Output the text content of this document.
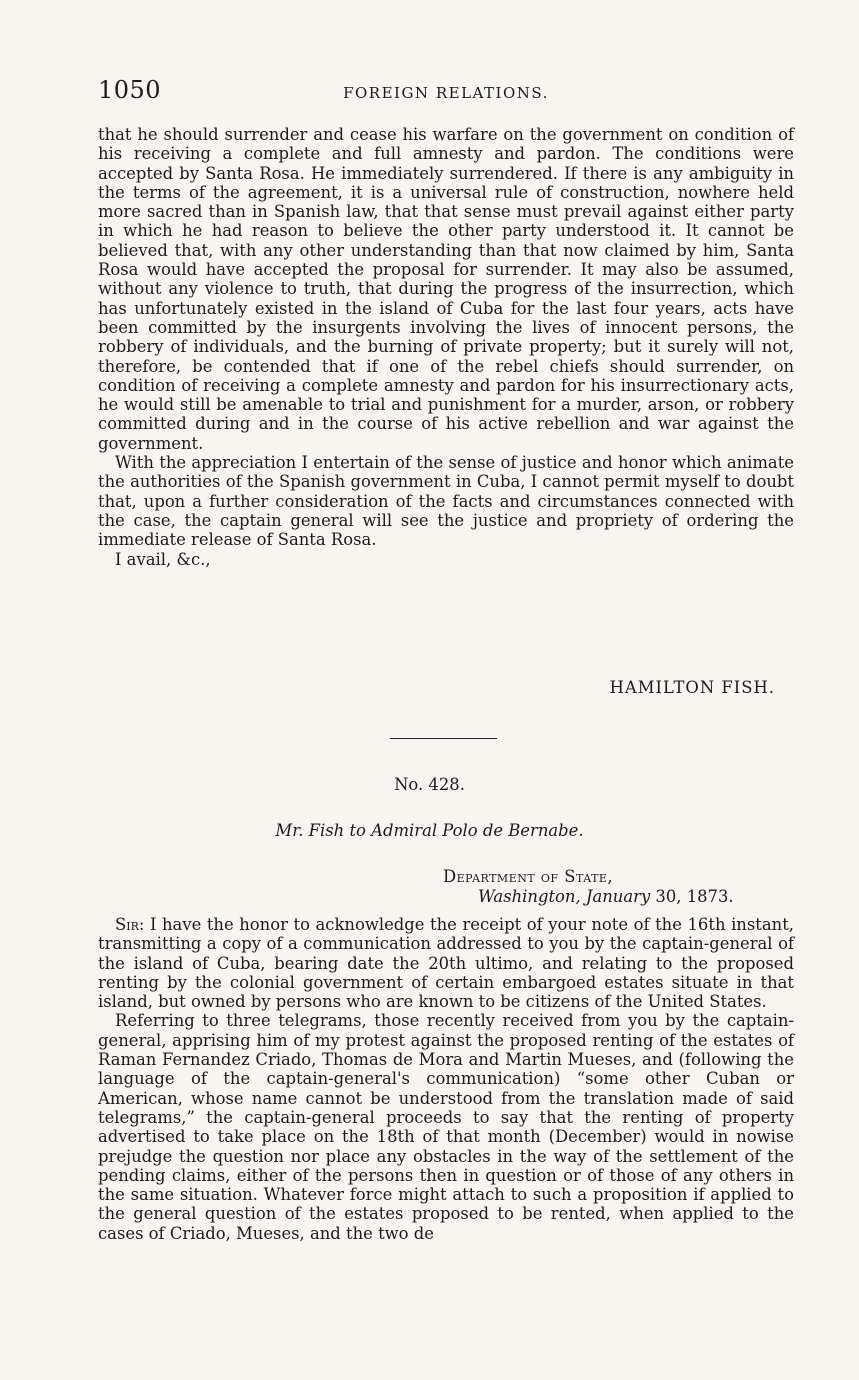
1050	FOREIGN RELATIONS.

that he should surrender and cease his warfare on the government on condition of his receiving a complete and full amnesty and pardon. The conditions were accepted by Santa Rosa. He immediately surrendered. If there is any ambiguity in the terms of the agreement, it is a universal rule of construction, nowhere held more sacred than in Spanish law, that that sense must prevail against either party in which he had reason to believe the other party understood it. It cannot be believed that, with any other understanding than that now claimed by him, Santa Rosa would have accepted the proposal for surrender. It may also be assumed, without any violence to truth, that during the progress of the insurrection, which has unfortunately existed in the island of Cuba for the last four years, acts have been committed by the insurgents involving the lives of innocent persons, the robbery of individuals, and the burning of private property; but it surely will not, therefore, be contended that if one of the rebel chiefs should surrender, on condition of receiving a complete amnesty and pardon for his insurrectionary acts, he would still be amenable to trial and punishment for a murder, arson, or robbery committed during and in the course of his active rebellion and war against the government.

With the appreciation I entertain of the sense of justice and honor which animate the authorities of the Spanish government in Cuba, I cannot permit myself to doubt that, upon a further consideration of the facts and circumstances connected with the case, the captain general will see the justice and propriety of ordering the immediate release of Santa Rosa.

I avail, &c.,

HAMILTON FISH.
No. 428.
Mr. Fish to Admiral Polo de Bernabe.
Department of State,
Washington, January 30, 1873.

Sir: I have the honor to acknowledge the receipt of your note of the 16th instant, transmitting a copy of a communication addressed to you by the captain-general of the island of Cuba, bearing date the 20th ultimo, and relating to the proposed renting by the colonial government of certain embargoed estates situate in that island, but owned by persons who are known to be citizens of the United States.

Referring to three telegrams, those recently received from you by the captain-general, apprising him of my protest against the proposed renting of the estates of Raman Fernandez Criado, Thomas de Mora and Martin Mueses, and (following the language of the captain-general's communication) “some other Cuban or American, whose name cannot be understood from the translation made of said telegrams,” the captain-general proceeds to say that the renting of property advertised to take place on the 18th of that month (December) would in nowise prejudge the question nor place any obstacles in the way of the settlement of the pending claims, either of the persons then in question or of those of any others in the same situation. Whatever force might attach to such a proposition if applied to the general question of the estates proposed to be rented, when applied to the cases of Criado, Mueses, and the two de
